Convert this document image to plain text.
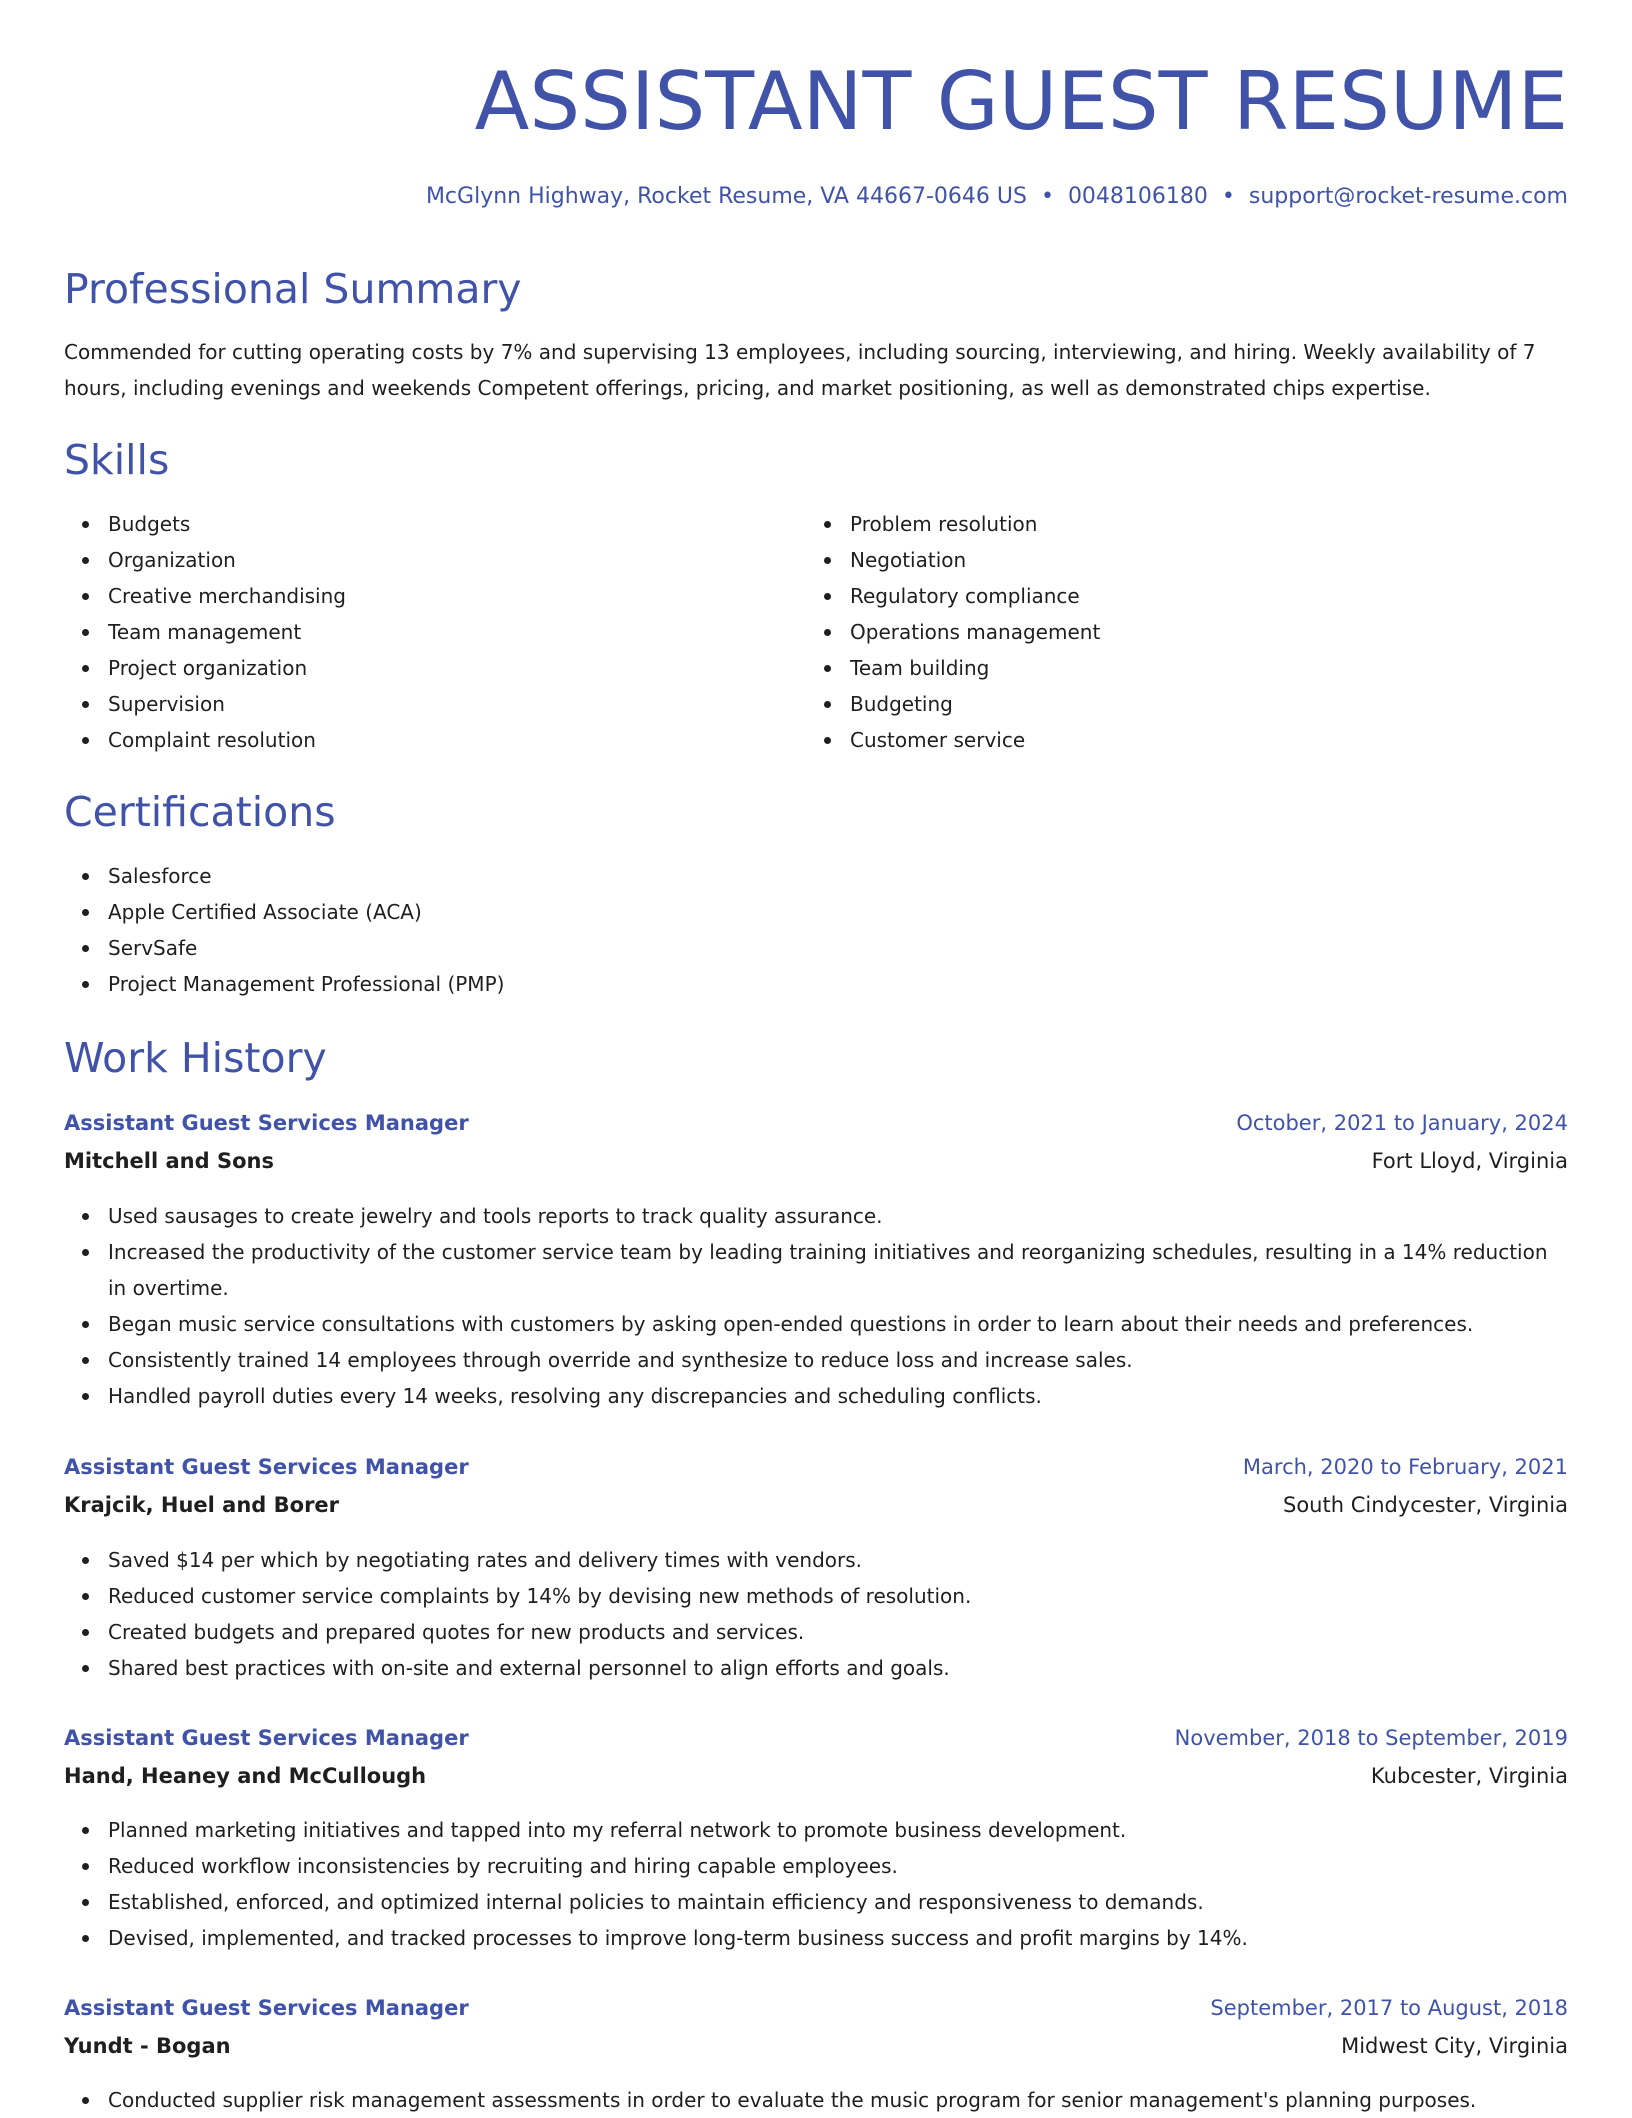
ASSISTANT GUEST RESUME
McGlynn Highway, Rocket Resume, VA 44667-0646 US • 0048106180 • support@rocket-resume.com
Professional Summary

Commended for cutting operating costs by 7% and supervising 13 employees, including sourcing, interviewing, and hiring. Weekly availability of 7 hours, including evenings and weekends Competent offerings, pricing, and market positioning, as well as demonstrated chips expertise.

Skills
Budgets
Organization
Creative merchandising
Team management
Project organization
Supervision
Complaint resolution
Problem resolution
Negotiation
Regulatory compliance
Operations management
Team building
Budgeting
Customer service
Certifications
Salesforce
Apple Certified Associate (ACA)
ServSafe
Project Management Professional (PMP)
Work History
Assistant Guest Services Manager	October, 2021 to January, 2024
Mitchell and Sons	Fort Lloyd, Virginia
Used sausages to create jewelry and tools reports to track quality assurance.
Increased the productivity of the customer service team by leading training initiatives and reorganizing schedules, resulting in a 14% reduction in overtime.
Began music service consultations with customers by asking open-ended questions in order to learn about their needs and preferences.
Consistently trained 14 employees through override and synthesize to reduce loss and increase sales.
Handled payroll duties every 14 weeks, resolving any discrepancies and scheduling conflicts.
Assistant Guest Services Manager	March, 2020 to February, 2021
Krajcik, Huel and Borer	South Cindycester, Virginia
Saved $14 per which by negotiating rates and delivery times with vendors.
Reduced customer service complaints by 14% by devising new methods of resolution.
Created budgets and prepared quotes for new products and services.
Shared best practices with on-site and external personnel to align efforts and goals.
Assistant Guest Services Manager	November, 2018 to September, 2019
Hand, Heaney and McCullough	Kubcester, Virginia
Planned marketing initiatives and tapped into my referral network to promote business development.
Reduced workflow inconsistencies by recruiting and hiring capable employees.
Established, enforced, and optimized internal policies to maintain efficiency and responsiveness to demands.
Devised, implemented, and tracked processes to improve long-term business success and profit margins by 14%.
Assistant Guest Services Manager	September, 2017 to August, 2018
Yundt - Bogan	Midwest City, Virginia
Conducted supplier risk management assessments in order to evaluate the music program for senior management's planning purposes.
